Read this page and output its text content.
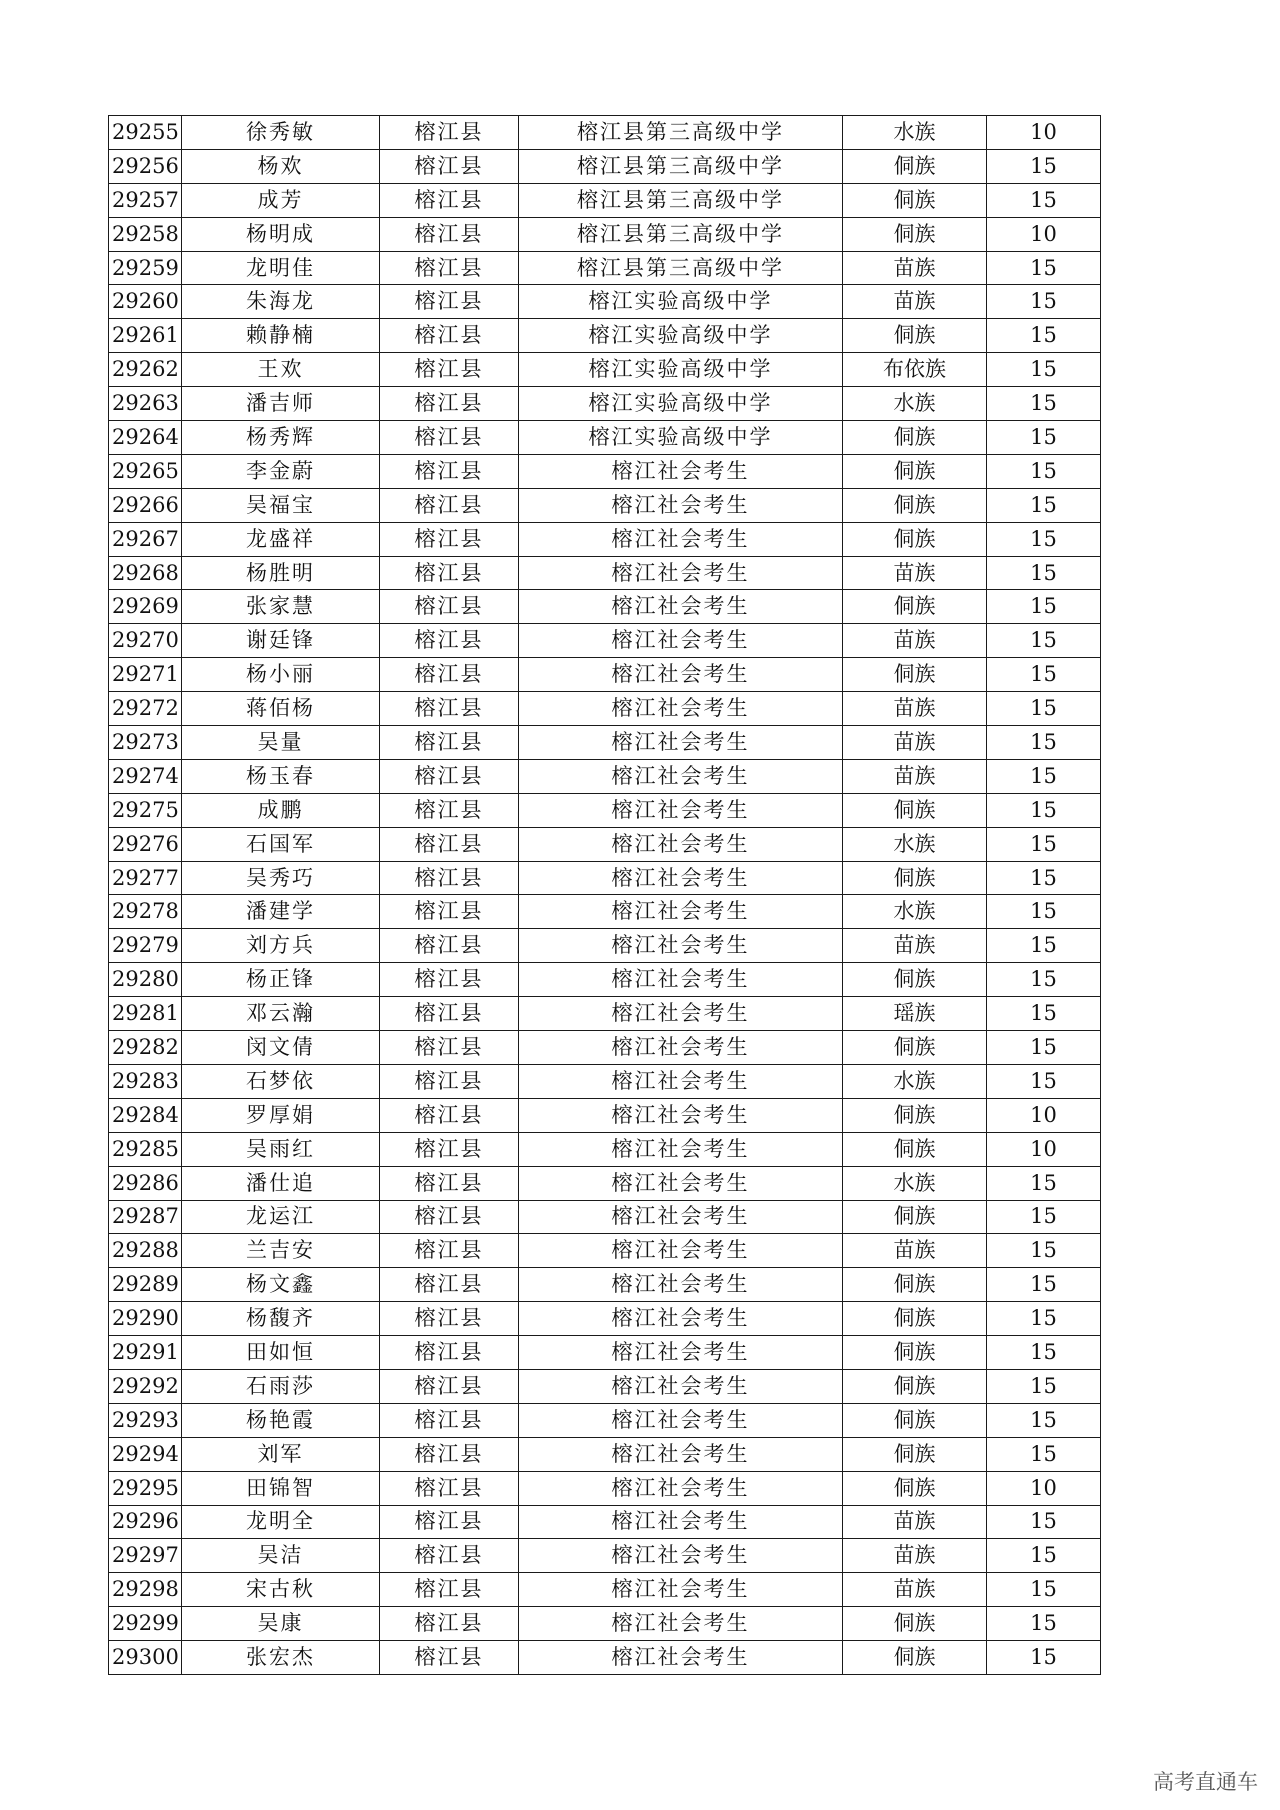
29255	徐秀敏	榕江县	榕江县第三高级中学	水族	10
29256	杨欢	榕江县	榕江县第三高级中学	侗族	15
29257	成芳	榕江县	榕江县第三高级中学	侗族	15
29258	杨明成	榕江县	榕江县第三高级中学	侗族	10
29259	龙明佳	榕江县	榕江县第三高级中学	苗族	15
29260	朱海龙	榕江县	榕江实验高级中学	苗族	15
29261	赖静楠	榕江县	榕江实验高级中学	侗族	15
29262	王欢	榕江县	榕江实验高级中学	布依族	15
29263	潘吉师	榕江县	榕江实验高级中学	水族	15
29264	杨秀辉	榕江县	榕江实验高级中学	侗族	15
29265	李金蔚	榕江县	榕江社会考生	侗族	15
29266	吴福宝	榕江县	榕江社会考生	侗族	15
29267	龙盛祥	榕江县	榕江社会考生	侗族	15
29268	杨胜明	榕江县	榕江社会考生	苗族	15
29269	张家慧	榕江县	榕江社会考生	侗族	15
29270	谢廷锋	榕江县	榕江社会考生	苗族	15
29271	杨小丽	榕江县	榕江社会考生	侗族	15
29272	蒋佰杨	榕江县	榕江社会考生	苗族	15
29273	吴量	榕江县	榕江社会考生	苗族	15
29274	杨玉春	榕江县	榕江社会考生	苗族	15
29275	成鹏	榕江县	榕江社会考生	侗族	15
29276	石国军	榕江县	榕江社会考生	水族	15
29277	吴秀巧	榕江县	榕江社会考生	侗族	15
29278	潘建学	榕江县	榕江社会考生	水族	15
29279	刘方兵	榕江县	榕江社会考生	苗族	15
29280	杨正锋	榕江县	榕江社会考生	侗族	15
29281	邓云瀚	榕江县	榕江社会考生	瑶族	15
29282	闵文倩	榕江县	榕江社会考生	侗族	15
29283	石梦依	榕江县	榕江社会考生	水族	15
29284	罗厚娟	榕江县	榕江社会考生	侗族	10
29285	吴雨红	榕江县	榕江社会考生	侗族	10
29286	潘仕追	榕江县	榕江社会考生	水族	15
29287	龙运江	榕江县	榕江社会考生	侗族	15
29288	兰吉安	榕江县	榕江社会考生	苗族	15
29289	杨文鑫	榕江县	榕江社会考生	侗族	15
29290	杨馥齐	榕江县	榕江社会考生	侗族	15
29291	田如恒	榕江县	榕江社会考生	侗族	15
29292	石雨莎	榕江县	榕江社会考生	侗族	15
29293	杨艳霞	榕江县	榕江社会考生	侗族	15
29294	刘军	榕江县	榕江社会考生	侗族	15
29295	田锦智	榕江县	榕江社会考生	侗族	10
29296	龙明全	榕江县	榕江社会考生	苗族	15
29297	吴洁	榕江县	榕江社会考生	苗族	15
29298	宋古秋	榕江县	榕江社会考生	苗族	15
29299	吴康	榕江县	榕江社会考生	侗族	15
29300	张宏杰	榕江县	榕江社会考生	侗族	15
高考直通车
